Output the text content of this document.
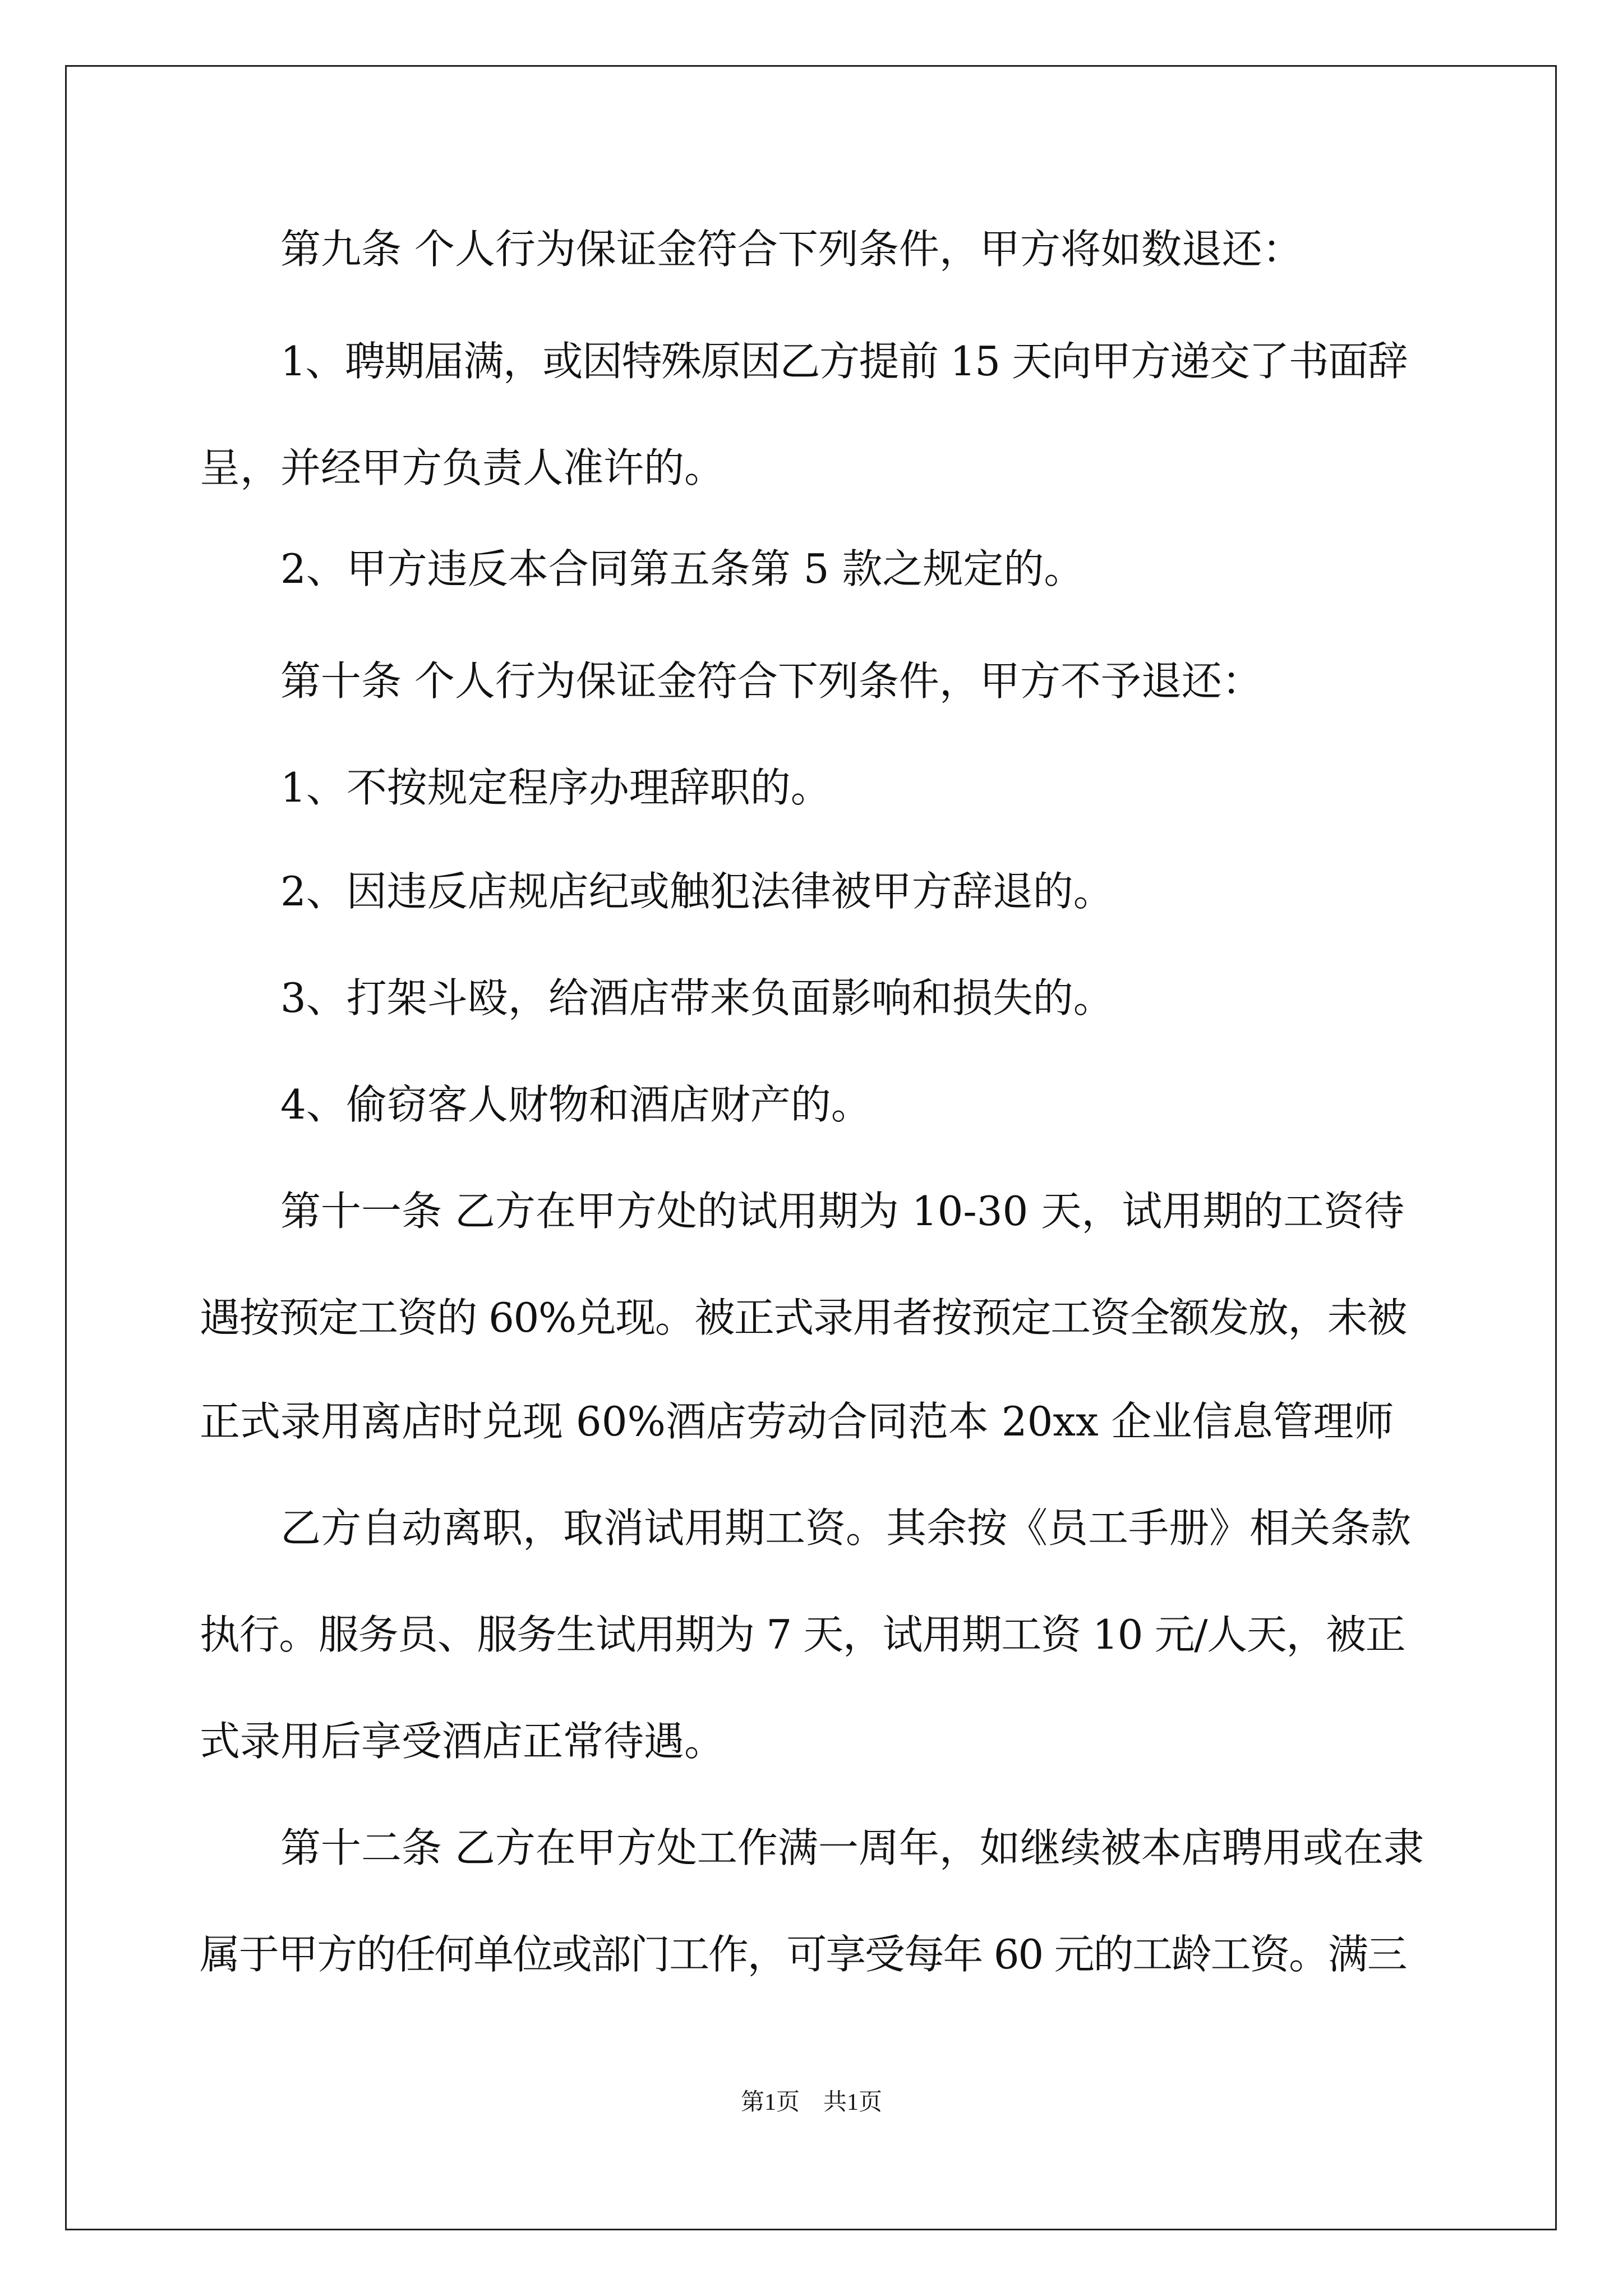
第九条 个人行为保证金符合下列条件，甲方将如数退还：
1、聘期届满，或因特殊原因乙方提前 15 天向甲方递交了书面辞
呈，并经甲方负责人准许的。
2、甲方违反本合同第五条第 5 款之规定的。
第十条 个人行为保证金符合下列条件，甲方不予退还：
1、不按规定程序办理辞职的。
2、因违反店规店纪或触犯法律被甲方辞退的。
3、打架斗殴，给酒店带来负面影响和损失的。
4、偷窃客人财物和酒店财产的。
第十一条 乙方在甲方处的试用期为 10-30 天，试用期的工资待
遇按预定工资的 60%兑现。被正式录用者按预定工资全额发放，未被
正式录用离店时兑现 60%酒店劳动合同范本 20xx 企业信息管理师
乙方自动离职，取消试用期工资。其余按《员工手册》相关条款
执行。服务员、服务生试用期为 7 天，试用期工资 10 元/人天，被正
式录用后享受酒店正常待遇。
第十二条 乙方在甲方处工作满一周年，如继续被本店聘用或在隶
属于甲方的任何单位或部门工作，可享受每年 60 元的工龄工资。满三
第1页　共1页
